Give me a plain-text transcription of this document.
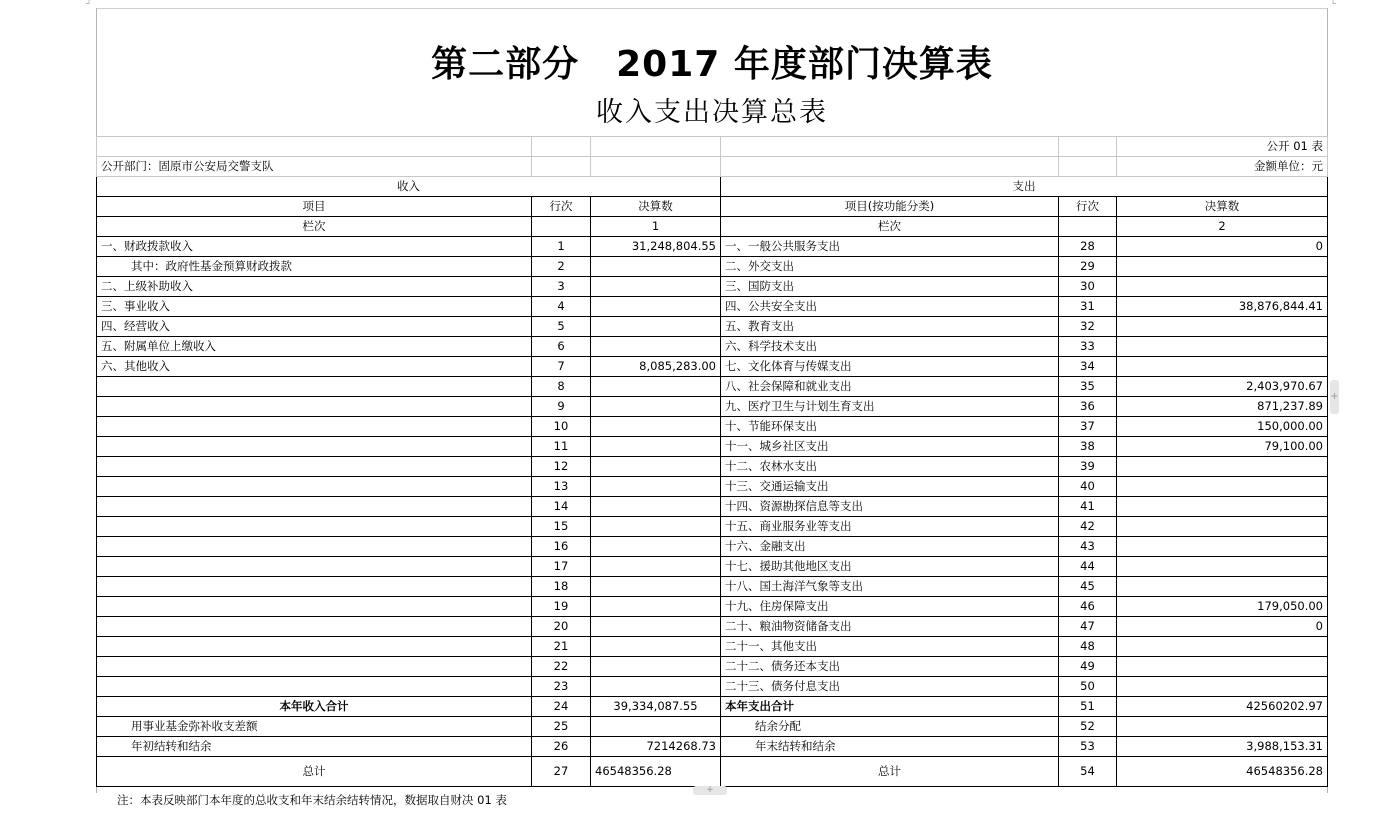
┘	└
第二部分　2017 年度部门决算表
收入支出决算总表
					公开 01 表
公开部门：固原市公安局交警支队					金额单位：元
收入			支出		
项目	行次	决算数	项目(按功能分类)	行次	决算数
栏次		1	栏次		2
一、财政拨款收入	1	31,248,804.55	一、一般公共服务支出	28	0
其中：政府性基金预算财政拨款	2		二、外交支出	29	
二、上级补助收入	3		三、国防支出	30	
三、事业收入	4		四、公共安全支出	31	38,876,844.41
四、经营收入	5		五、教育支出	32	
五、附属单位上缴收入	6		六、科学技术支出	33	
六、其他收入	7	8,085,283.00	七、文化体育与传媒支出	34	
	8		八、社会保障和就业支出	35	2,403,970.67
	9		九、医疗卫生与计划生育支出	36	871,237.89
	10		十、节能环保支出	37	150,000.00
	11		十一、城乡社区支出	38	79,100.00
	12		十二、农林水支出	39	
	13		十三、交通运输支出	40	
	14		十四、资源勘探信息等支出	41	
	15		十五、商业服务业等支出	42	
	16		十六、金融支出	43	
	17		十七、援助其他地区支出	44	
	18		十八、国土海洋气象等支出	45	
	19		十九、住房保障支出	46	179,050.00
	20		二十、粮油物资储备支出	47	0
	21		二十一、其他支出	48	
	22		二十二、债务还本支出	49	
	23		二十三、债务付息支出	50	
本年收入合计	24	39,334,087.55	本年支出合计	51	42560202.97
用事业基金弥补收支差额	25		结余分配	52	
年初结转和结余	26	7214268.73	年末结转和结余	53	3,988,153.31
总计	27	46548356.28	总计	54	46548356.28
注：本表反映部门本年度的总收支和年末结余结转情况，数据取自财决 01 表
+
+
